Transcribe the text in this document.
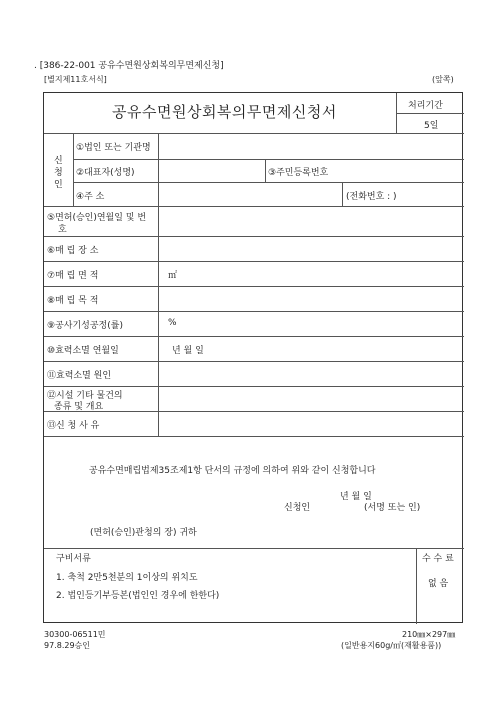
. [386-22-001 공유수면원상회복의무면제신청]
[별지제11호서식]	(앞쪽)
공유수면원상회복의무면제신청서	처리기간
5일
신
청
인
①법인 또는 기관명
②대표자(성명)	③주민등록번호
④주 소	(전화번호 : )
⑤면허(승인)연월일 및 번
호
⑥매 립 장 소
⑦매 립 면 적	㎡
⑧매 립 목 적
⑨공사기성공정(률)	%
⑩효력소멸 연월일	년 월 일
⑪효력소멸 원인
⑫시설 기타 물건의
종류 및 개요
⑬신 청 사 유
공유수면매립법제35조제1항 단서의 규정에 의하여 위와 같이 신청합니다
년 월 일
신청인	(서명 또는 인)
(면허(승인)관청의 장) 귀하
구비서류
1. 축척 2만5천분의 1이상의 위치도
2. 법인등기부등본(법인인 경우에 한한다)
수 수 료
없 음
30300-06511민
97.8.29승인
210㎜×297㎜
(일반용지60g/㎡(재활용품))
